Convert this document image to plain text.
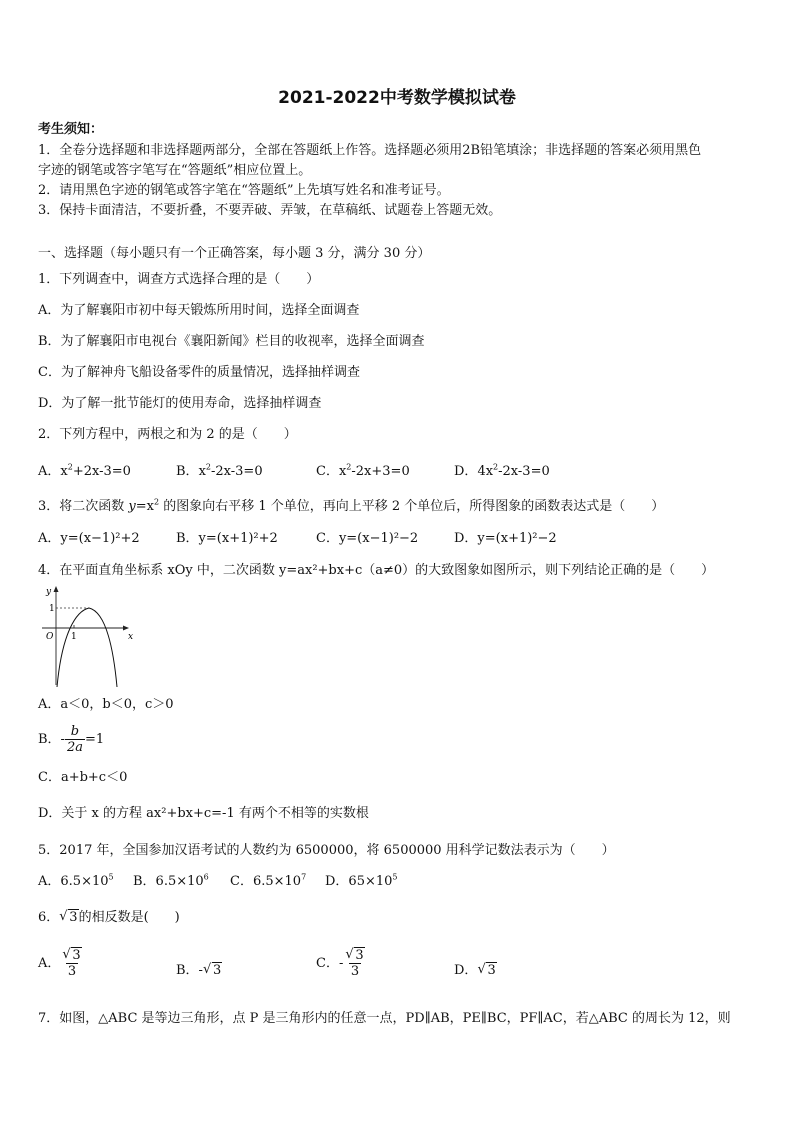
2021-2022中考数学模拟试卷
考生须知：
1．全卷分选择题和非选择题两部分，全部在答题纸上作答。选择题必须用2B铅笔填涂；非选择题的答案必须用黑色
字迹的钢笔或答字笔写在“答题纸”相应位置上。
2．请用黑色字迹的钢笔或答字笔在“答题纸”上先填写姓名和准考证号。
3．保持卡面清洁，不要折叠，不要弄破、弄皱，在草稿纸、试题卷上答题无效。
一、选择题（每小题只有一个正确答案，每小题 3 分，满分 30 分）
1．下列调查中，调查方式选择合理的是（　　）
A．为了解襄阳市初中每天锻炼所用时间，选择全面调查
B．为了解襄阳市电视台《襄阳新闻》栏目的收视率，选择全面调查
C．为了解神舟飞船设备零件的质量情况，选择抽样调查
D．为了解一批节能灯的使用寿命，选择抽样调查
2．下列方程中，两根之和为 2 的是（　　）
A．$x^2+2x-3=0$	B．$x^2-2x-3=0$	C．$x^2-2x+3=0$	D．$4x^2-2x-3=0$
3．将二次函数 $y=x^2$ 的图象向右平移 1 个单位，再向上平移 2 个单位后，所得图象的函数表达式是（　　）
A．y=(x−1)²+2	B．y=(x+1)²+2	C．y=(x−1)²−2	D．y=(x+1)²−2
4．在平面直角坐标系 xOy 中，二次函数 y=ax²+bx+c（a≠0）的大致图象如图所示，则下列结论正确的是（　　）
y
x
O 1
1
A．a＜0，b＜0，c＞0
B．- $\frac{b}{2a} =1$
C．a+b+c＜0
D．关于 x 的方程 ax²+bx+c=-1 有两个不相等的实数根
5．2017 年，全国参加汉语考试的人数约为 6500000，将 6500000 用科学记数法表示为（　　）
A．$6.5\times 10^5$ B．$6.5\times 10^6$ C．$6.5\times 10^7$ D．$65\times 10^5$
6． √ 3的相反数是(　　)
A． √ $\frac{3}{3}$	B．- √ 3	C．- √ $\frac{3}{3}$	D． √ 3
7．如图，△ABC 是等边三角形，点 P 是三角形内的任意一点，PD∥AB，PE∥BC，PF∥AC，若△ABC 的周长为 12，则
